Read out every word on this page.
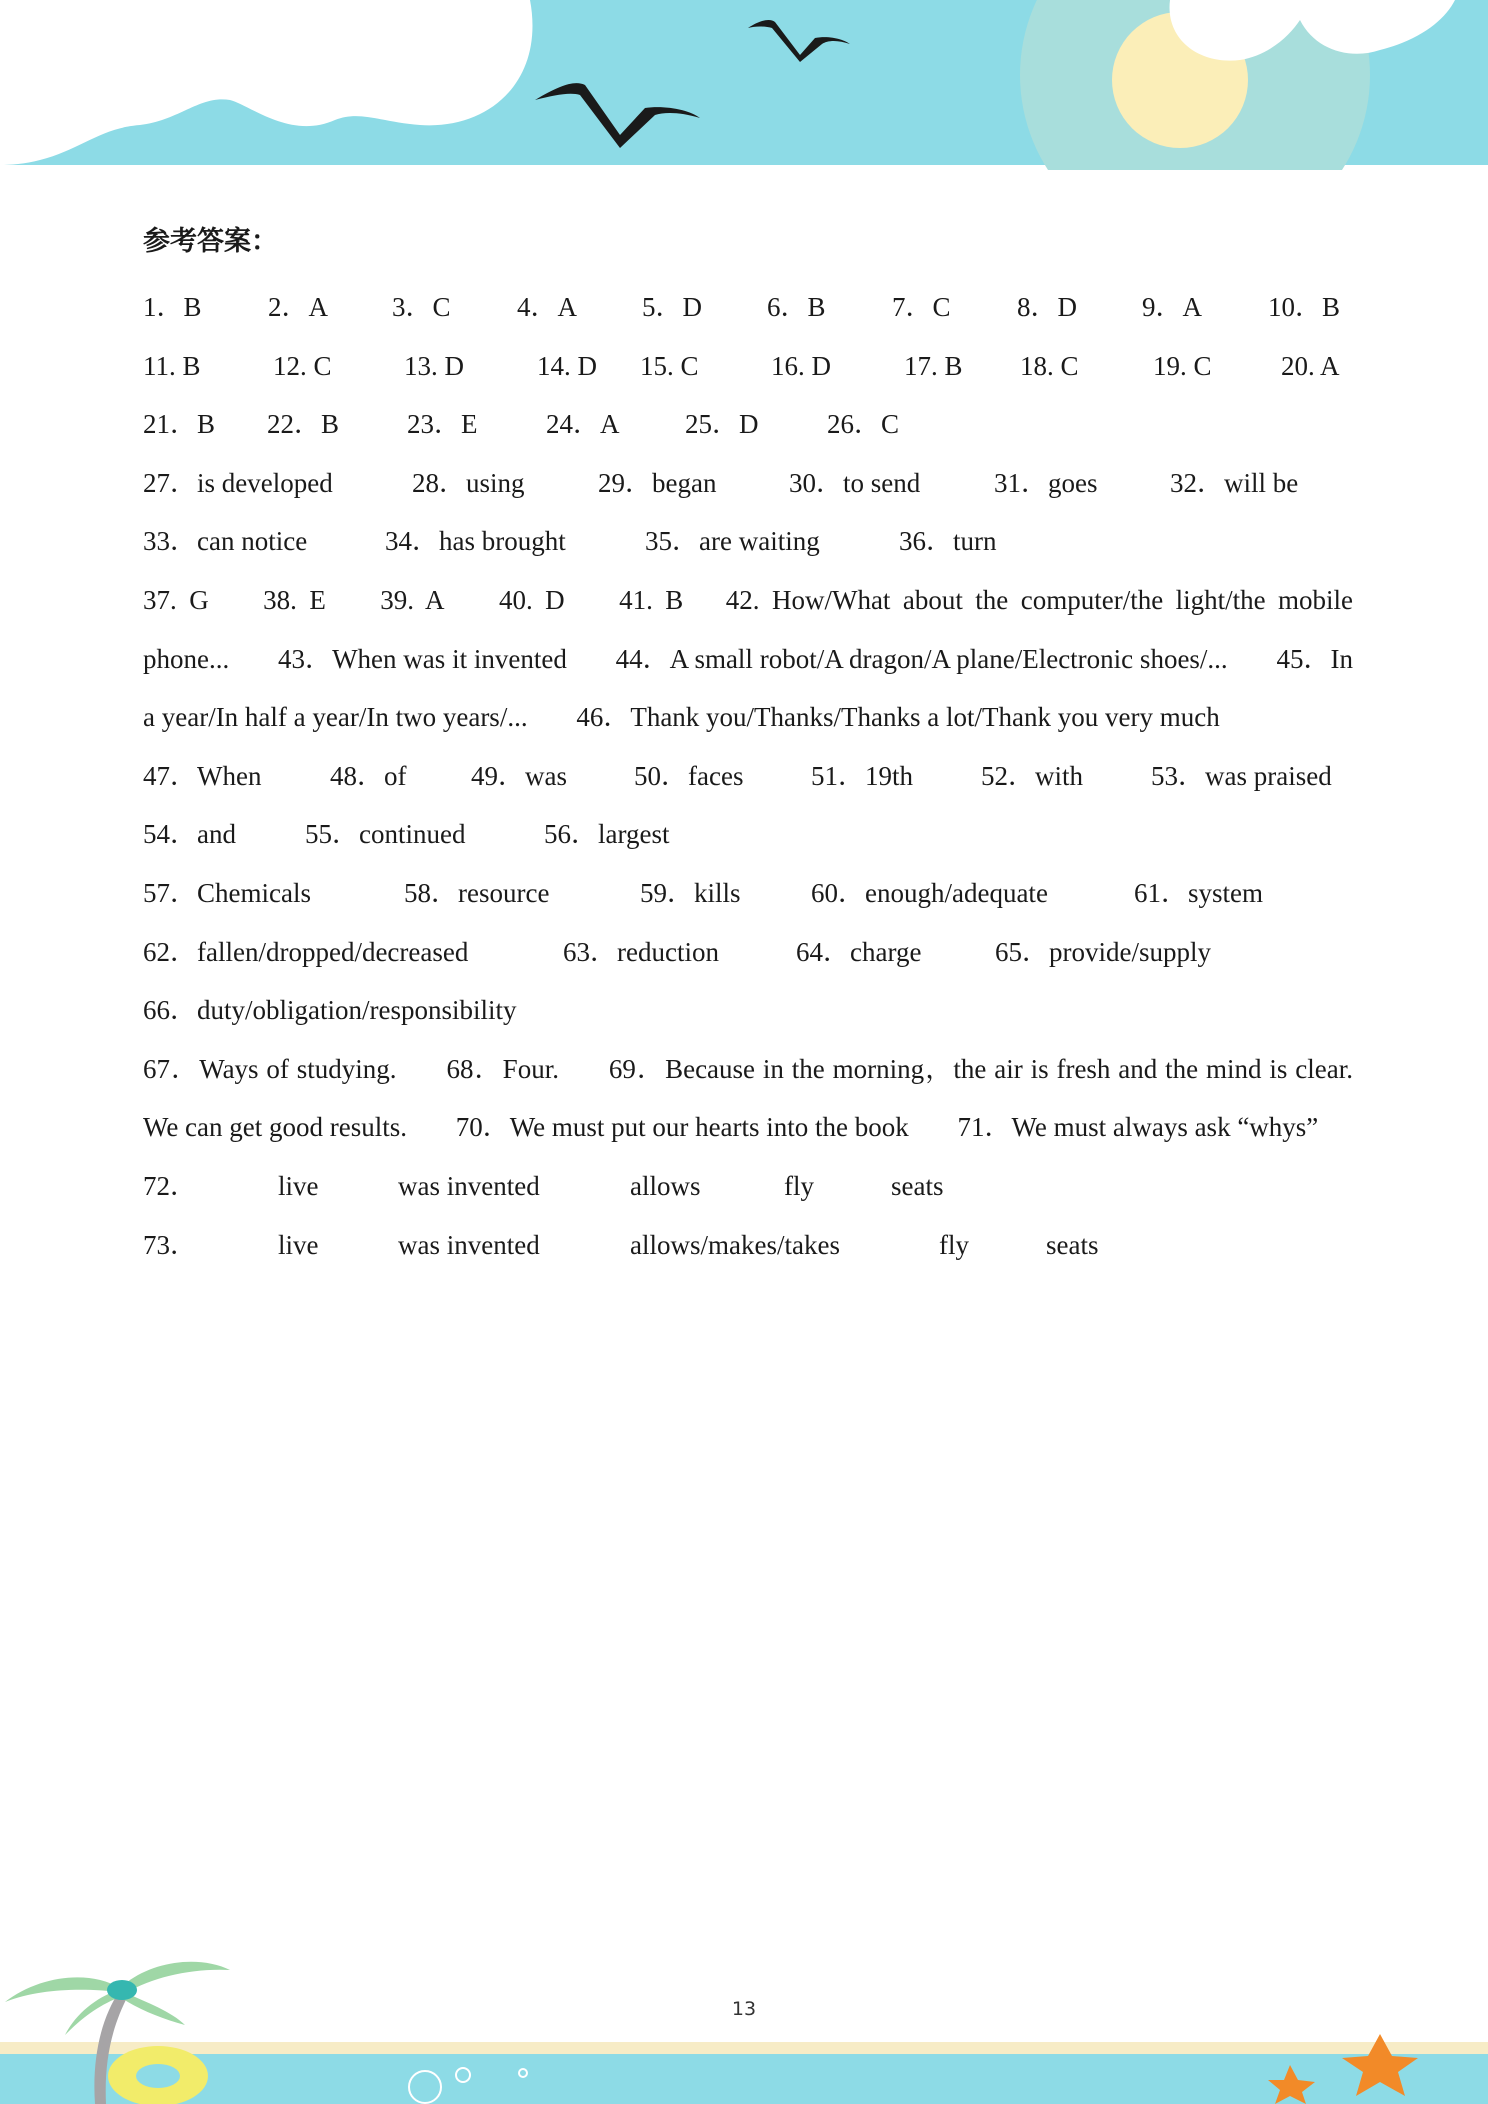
参考答案：
1．B 2．A 3．C 4．A 5．D 6．B 7．C 8．D 9．A 10．B
11. B	12. C	13. D	14. D 15. C	16. D	17. B 18. C	19. C	20. A
21．B 22．B	23．E	24．A 25．D	26．C
27．is developed	28．using	29．began	30．to send	31．goes	32．will be
33．can notice	34．has brought	35．are waiting	36．turn

37. G 38. E 39. A 40. D 41. B 42. How/What about the computer/the light/the mobile phone... 43．When was it invented 44．A small robot/A dragon/A plane/Electronic shoes/... 45．In a year/In half a year/In two years/... 46．Thank you/Thanks/Thanks a lot/Thank you very much

47．When	48．of 49．was 50．faces	51．19th	52．with	53．was praised
54．and	55．continued	56．largest
57．Chemicals	58．resource	59．kills	60．enough/adequate	61．system
62．fallen/dropped/decreased	63．reduction	64．charge	65．provide/supply
66．duty/obligation/responsibility

67．Ways of studying. 68．Four. 69．Because in the morning，the air is fresh and the mind is clear. We can get good results. 70．We must put our hearts into the book 71．We must always ask “whys”

72．	live	was invented	allows	fly	seats
73．	live	was invented	allows/makes/takes	fly	seats
13
